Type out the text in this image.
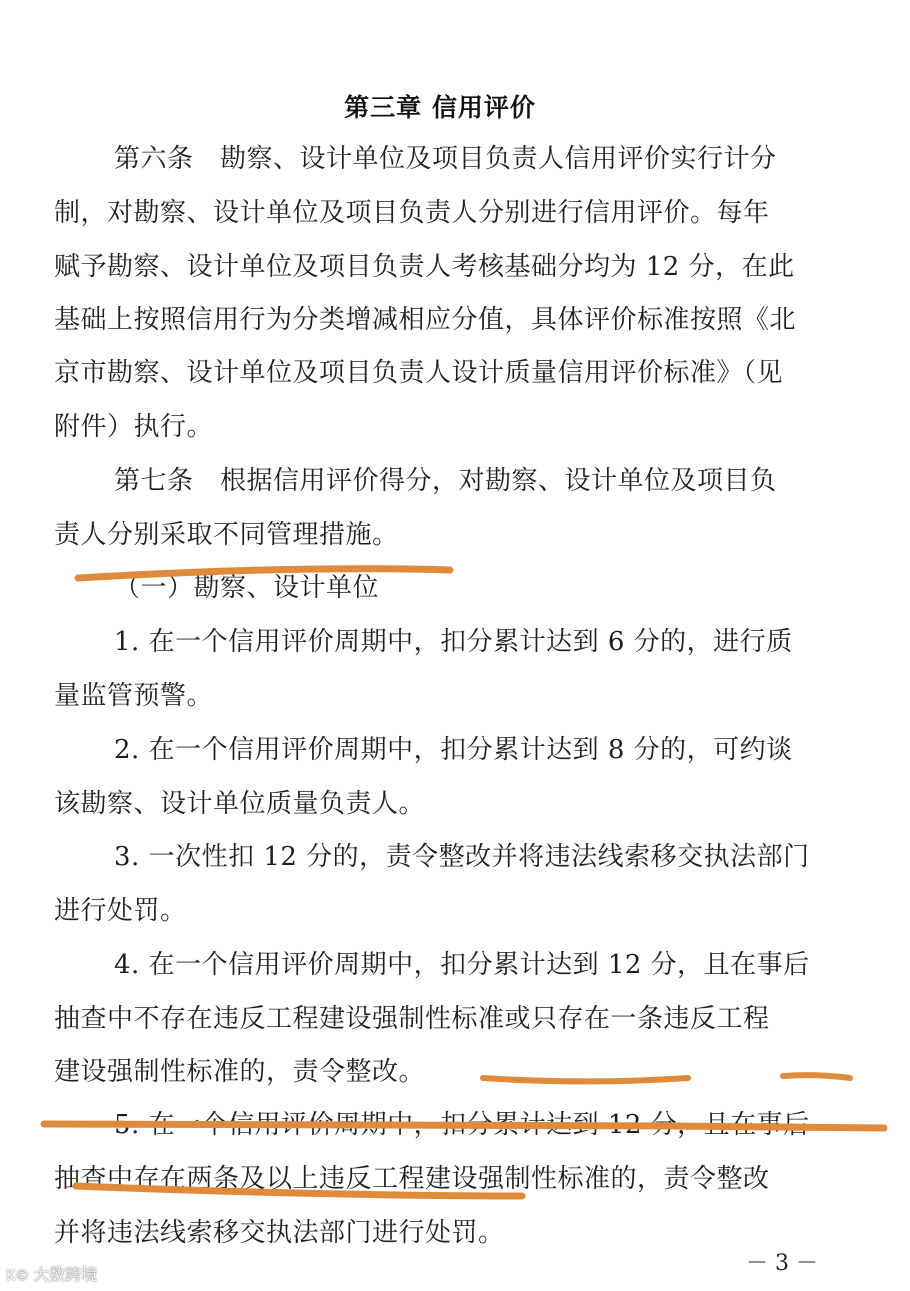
第三章 信用评价
第六条　勘察、设计单位及项目负责人信用评价实行计分
制，对勘察、设计单位及项目负责人分别进行信用评价。每年
赋予勘察、设计单位及项目负责人考核基础分均为 12 分，在此
基础上按照信用行为分类增减相应分值，具体评价标准按照《北
京市勘察、设计单位及项目负责人设计质量信用评价标准》（见
附件）执行。
第七条　根据信用评价得分，对勘察、设计单位及项目负
责人分别采取不同管理措施。
（一）勘察、设计单位
1. 在一个信用评价周期中，扣分累计达到 6 分的，进行质
量监管预警。
2. 在一个信用评价周期中，扣分累计达到 8 分的，可约谈
该勘察、设计单位质量负责人。
3. 一次性扣 12 分的，责令整改并将违法线索移交执法部门
进行处罚。
4. 在一个信用评价周期中，扣分累计达到 12 分，且在事后
抽查中不存在违反工程建设强制性标准或只存在一条违反工程
建设强制性标准的，责令整改。
5. 在一个信用评价周期中，扣分累计达到 12 分，且在事后
抽查中存在两条及以上违反工程建设强制性标准的，责令整改
并将违法线索移交执法部门进行处罚。
－ 3 －
K© 大数跨境
